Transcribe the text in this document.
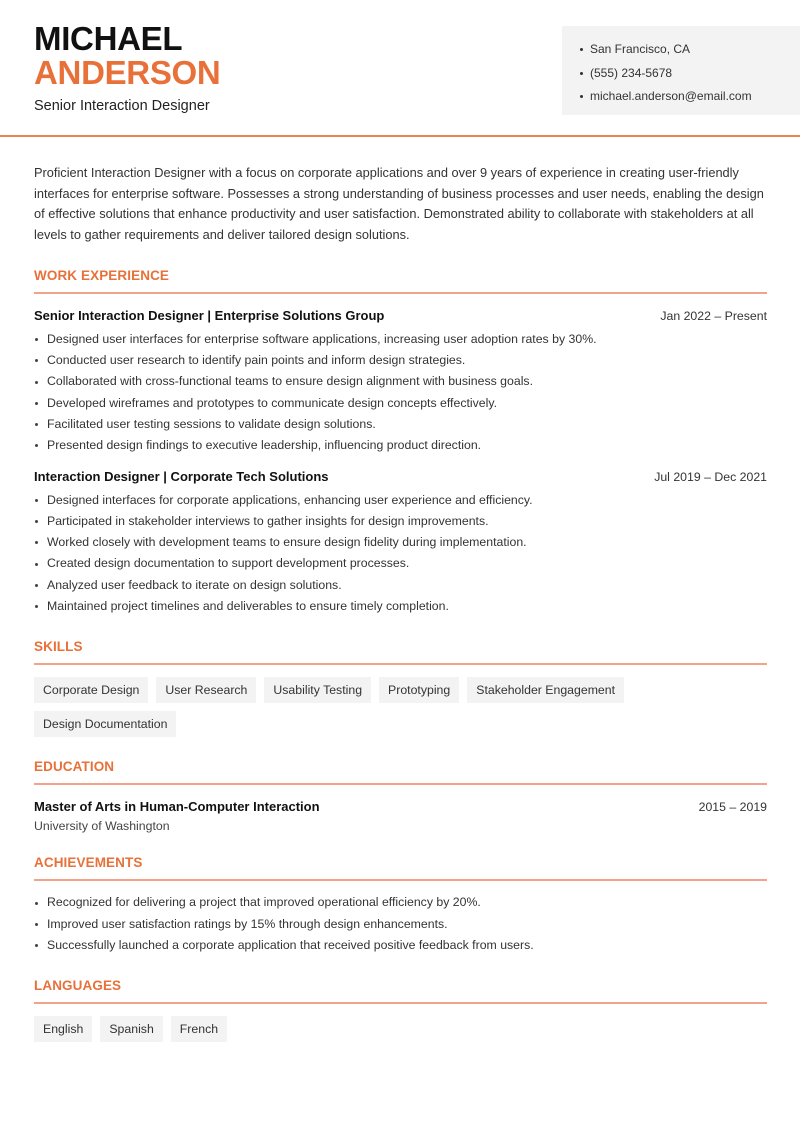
MICHAEL
ANDERSON
Senior Interaction Designer
San Francisco, CA
(555) 234-5678
michael.anderson@email.com

Proficient Interaction Designer with a focus on corporate applications and over 9 years of experience in creating user-friendly interfaces for enterprise software. Possesses a strong understanding of business processes and user needs, enabling the design of effective solutions that enhance productivity and user satisfaction. Demonstrated ability to collaborate with stakeholders at all levels to gather requirements and deliver tailored design solutions.

WORK EXPERIENCE
Senior Interaction Designer | Enterprise Solutions Group	Jan 2022 – Present
Designed user interfaces for enterprise software applications, increasing user adoption rates by 30%.
Conducted user research to identify pain points and inform design strategies.
Collaborated with cross-functional teams to ensure design alignment with business goals.
Developed wireframes and prototypes to communicate design concepts effectively.
Facilitated user testing sessions to validate design solutions.
Presented design findings to executive leadership, influencing product direction.
Interaction Designer | Corporate Tech Solutions	Jul 2019 – Dec 2021
Designed interfaces for corporate applications, enhancing user experience and efficiency.
Participated in stakeholder interviews to gather insights for design improvements.
Worked closely with development teams to ensure design fidelity during implementation.
Created design documentation to support development processes.
Analyzed user feedback to iterate on design solutions.
Maintained project timelines and deliverables to ensure timely completion.
SKILLS
Corporate Design	User Research	Usability Testing	Prototyping	Stakeholder Engagement
Design Documentation
EDUCATION
Master of Arts in Human-Computer Interaction	2015 – 2019
University of Washington
ACHIEVEMENTS
Recognized for delivering a project that improved operational efficiency by 20%.
Improved user satisfaction ratings by 15% through design enhancements.
Successfully launched a corporate application that received positive feedback from users.
LANGUAGES
English	Spanish	French
